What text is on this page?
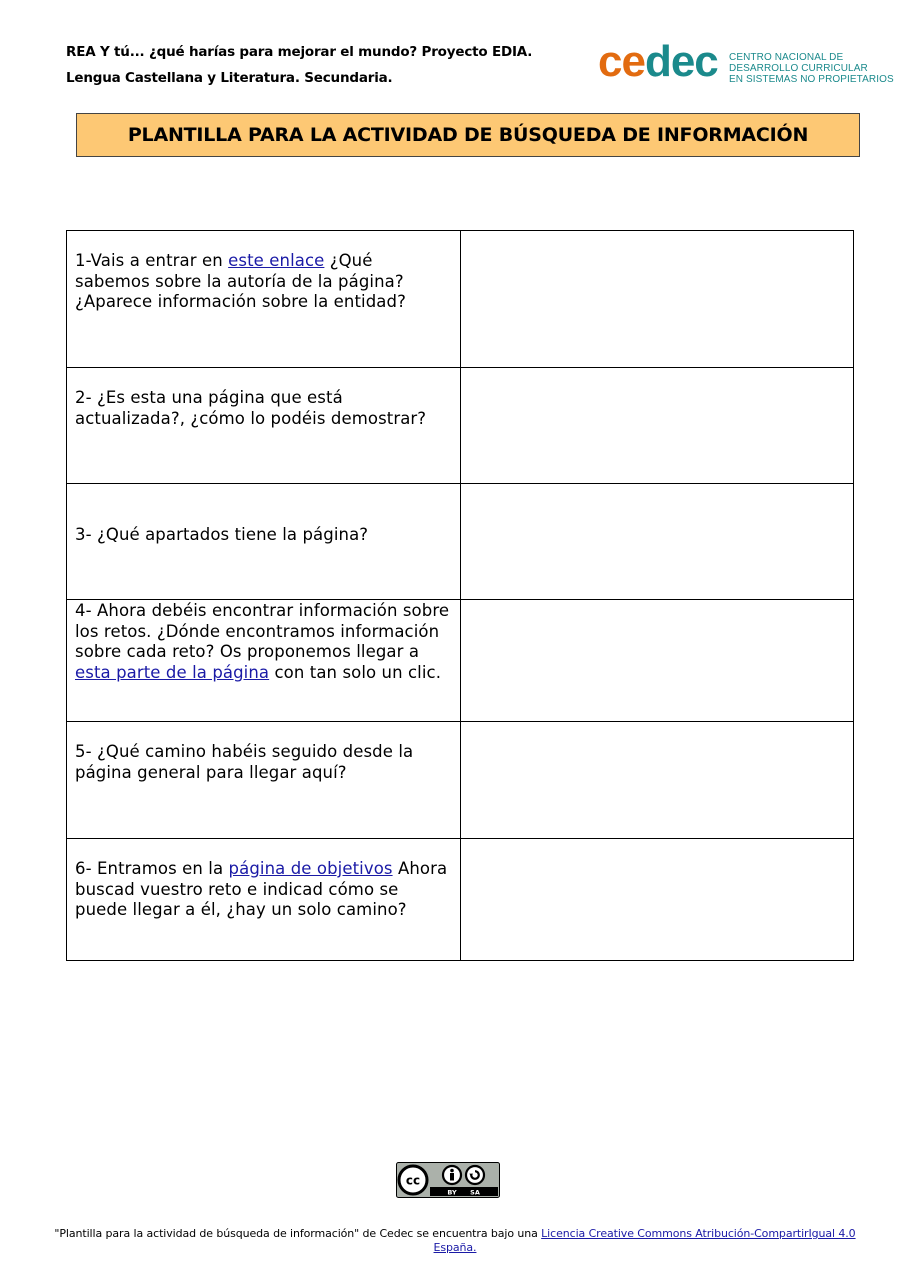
REA Y tú... ¿qué harías para mejorar el mundo? Proyecto EDIA.
Lengua Castellana y Literatura. Secundaria.	cedec CENTRO NACIONAL DE
DESARROLLO CURRICULAR
EN SISTEMAS NO PROPIETARIOS
PLANTILLA PARA LA ACTIVIDAD DE BÚSQUEDA DE INFORMACIÓN
1-Vais a entrar en este enlace ¿Qué sabemos sobre la autoría de la página? ¿Aparece información sobre la entidad?	

2- ¿Es esta una página que está actualizada?, ¿cómo lo podéis demostrar?	

3- ¿Qué apartados tiene la página?	

4- Ahora debéis encontrar información sobre los retos. ¿Dónde encontramos información sobre cada reto? Os proponemos llegar a esta parte de la página con tan solo un clic.	

5- ¿Qué camino habéis seguido desde la página general para llegar aquí?	

6- Entramos en la página de objetivos Ahora buscad vuestro reto e indicad cómo se puede llegar a él, ¿hay un solo camino?	

cc
BY SA
"Plantilla para la actividad de búsqueda de información" de Cedec se encuentra bajo una Licencia Creative Commons Atribución-CompartirIgual 4.0 España.
